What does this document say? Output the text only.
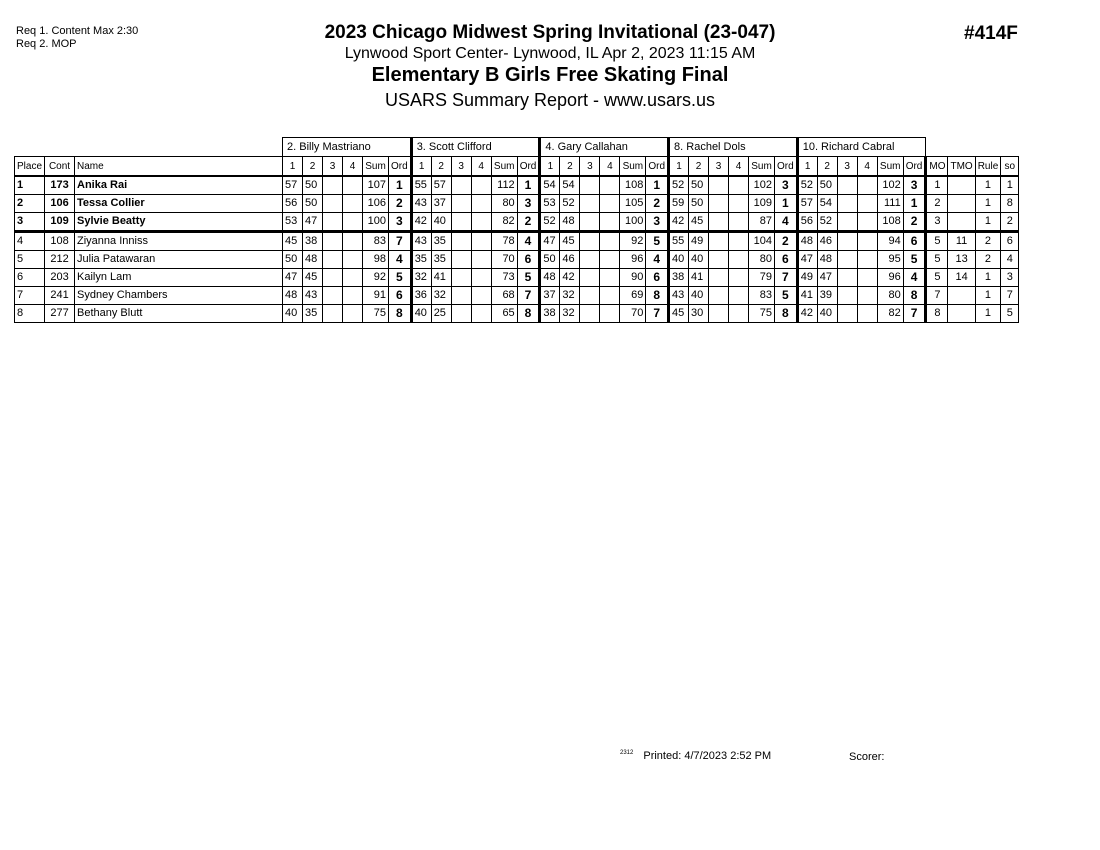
Req 1. Content Max 2:30
Req 2. MOP
2023 Chicago Midwest Spring Invitational (23-047)
Lynwood Sport Center- Lynwood, IL Apr 2, 2023 11:15 AM
Elementary B Girls Free Skating Final
USARS Summary Report - www.usars.us
#414F
			2. Billy Mastriano						3. Scott Clifford						4. Gary Callahan						8. Rachel Dols						10. Richard Cabral									
Place	Cont	Name	1	2	3	4	Sum	Ord	1	2	3	4	Sum	Ord	1	2	3	4	Sum	Ord	1	2	3	4	Sum	Ord	1	2	3	4	Sum	Ord	MO	TMO	Rule	so
1	173	Anika Rai	57	50			107	1	55	57			112	1	54	54			108	1	52	50			102	3	52	50			102	3	1		1	1
2	106	Tessa Collier	56	50			106	2	43	37			80	3	53	52			105	2	59	50			109	1	57	54			111	1	2		1	8
3	109	Sylvie Beatty	53	47			100	3	42	40			82	2	52	48			100	3	42	45			87	4	56	52			108	2	3		1	2
4	108	Ziyanna Inniss	45	38			83	7	43	35			78	4	47	45			92	5	55	49			104	2	48	46			94	6	5	11	2	6
5	212	Julia Patawaran	50	48			98	4	35	35			70	6	50	46			96	4	40	40			80	6	47	48			95	5	5	13	2	4
6	203	Kailyn Lam	47	45			92	5	32	41			73	5	48	42			90	6	38	41			79	7	49	47			96	4	5	14	1	3
7	241	Sydney Chambers	48	43			91	6	36	32			68	7	37	32			69	8	43	40			83	5	41	39			80	8	7		1	7
8	277	Bethany Blutt	40	35			75	8	40	25			65	8	38	32			70	7	45	30			75	8	42	40			82	7	8		1	5
$^{2312}$ Printed: 4/7/2023 2:52 PM	Scorer:
